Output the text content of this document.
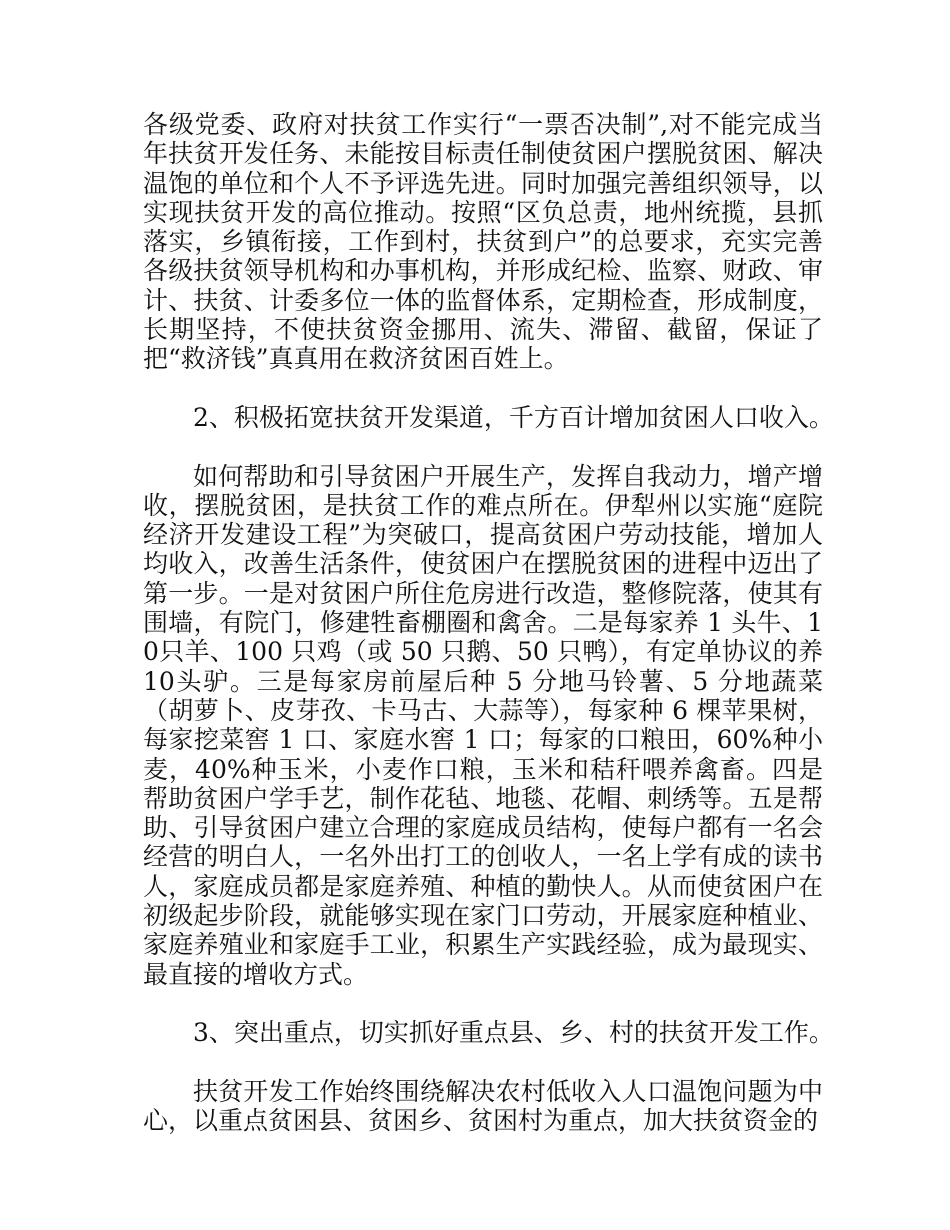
各级党委、政府对扶贫工作实行“一票否决制”,对不能完成当年扶贫开发任务、未能按目标责任制使贫困户摆脱贫困、解决温饱的单位和个人不予评选先进。同时加强完善组织领导，以实现扶贫开发的高位推动。按照“区负总责，地州统揽，县抓落实，乡镇衔接，工作到村，扶贫到户”的总要求，充实完善各级扶贫领导机构和办事机构，并形成纪检、监察、财政、审计、扶贫、计委多位一体的监督体系，定期检查，形成制度，长期坚持，不使扶贫资金挪用、流失、滞留、截留，保证了把“救济钱”真真用在救济贫困百姓上。

2、积极拓宽扶贫开发渠道，千方百计增加贫困人口收入。

如何帮助和引导贫困户开展生产，发挥自我动力，增产增收，摆脱贫困，是扶贫工作的难点所在。伊犁州以实施“庭院经济开发建设工程”为突破口，提高贫困户劳动技能，增加人均收入，改善生活条件，使贫困户在摆脱贫困的进程中迈出了第一步。一是对贫困户所住危房进行改造，整修院落，使其有围墙，有院门，修建牲畜棚圈和禽舍。二是每家养 1 头牛、10只羊、100 只鸡（或 50 只鹅、50 只鸭），有定单协议的养 10头驴。三是每家房前屋后种 5 分地马铃薯、5 分地蔬菜（胡萝卜、皮芽孜、卡马古、大蒜等），每家种 6 棵苹果树，每家挖菜窖 1 口、家庭水窖 1 口；每家的口粮田，60%种小麦，40%种玉米，小麦作口粮，玉米和秸秆喂养禽畜。四是帮助贫困户学手艺，制作花毡、地毯、花帽、刺绣等。五是帮助、引导贫困户建立合理的家庭成员结构，使每户都有一名会经营的明白人，一名外出打工的创收人，一名上学有成的读书人，家庭成员都是家庭养殖、种植的勤快人。从而使贫困户在初级起步阶段，就能够实现在家门口劳动，开展家庭种植业、家庭养殖业和家庭手工业，积累生产实践经验，成为最现实、最直接的增收方式。

3、突出重点，切实抓好重点县、乡、村的扶贫开发工作。

扶贫开发工作始终围绕解决农村低收入人口温饱问题为中心，以重点贫困县、贫困乡、贫困村为重点，加大扶贫资金的
